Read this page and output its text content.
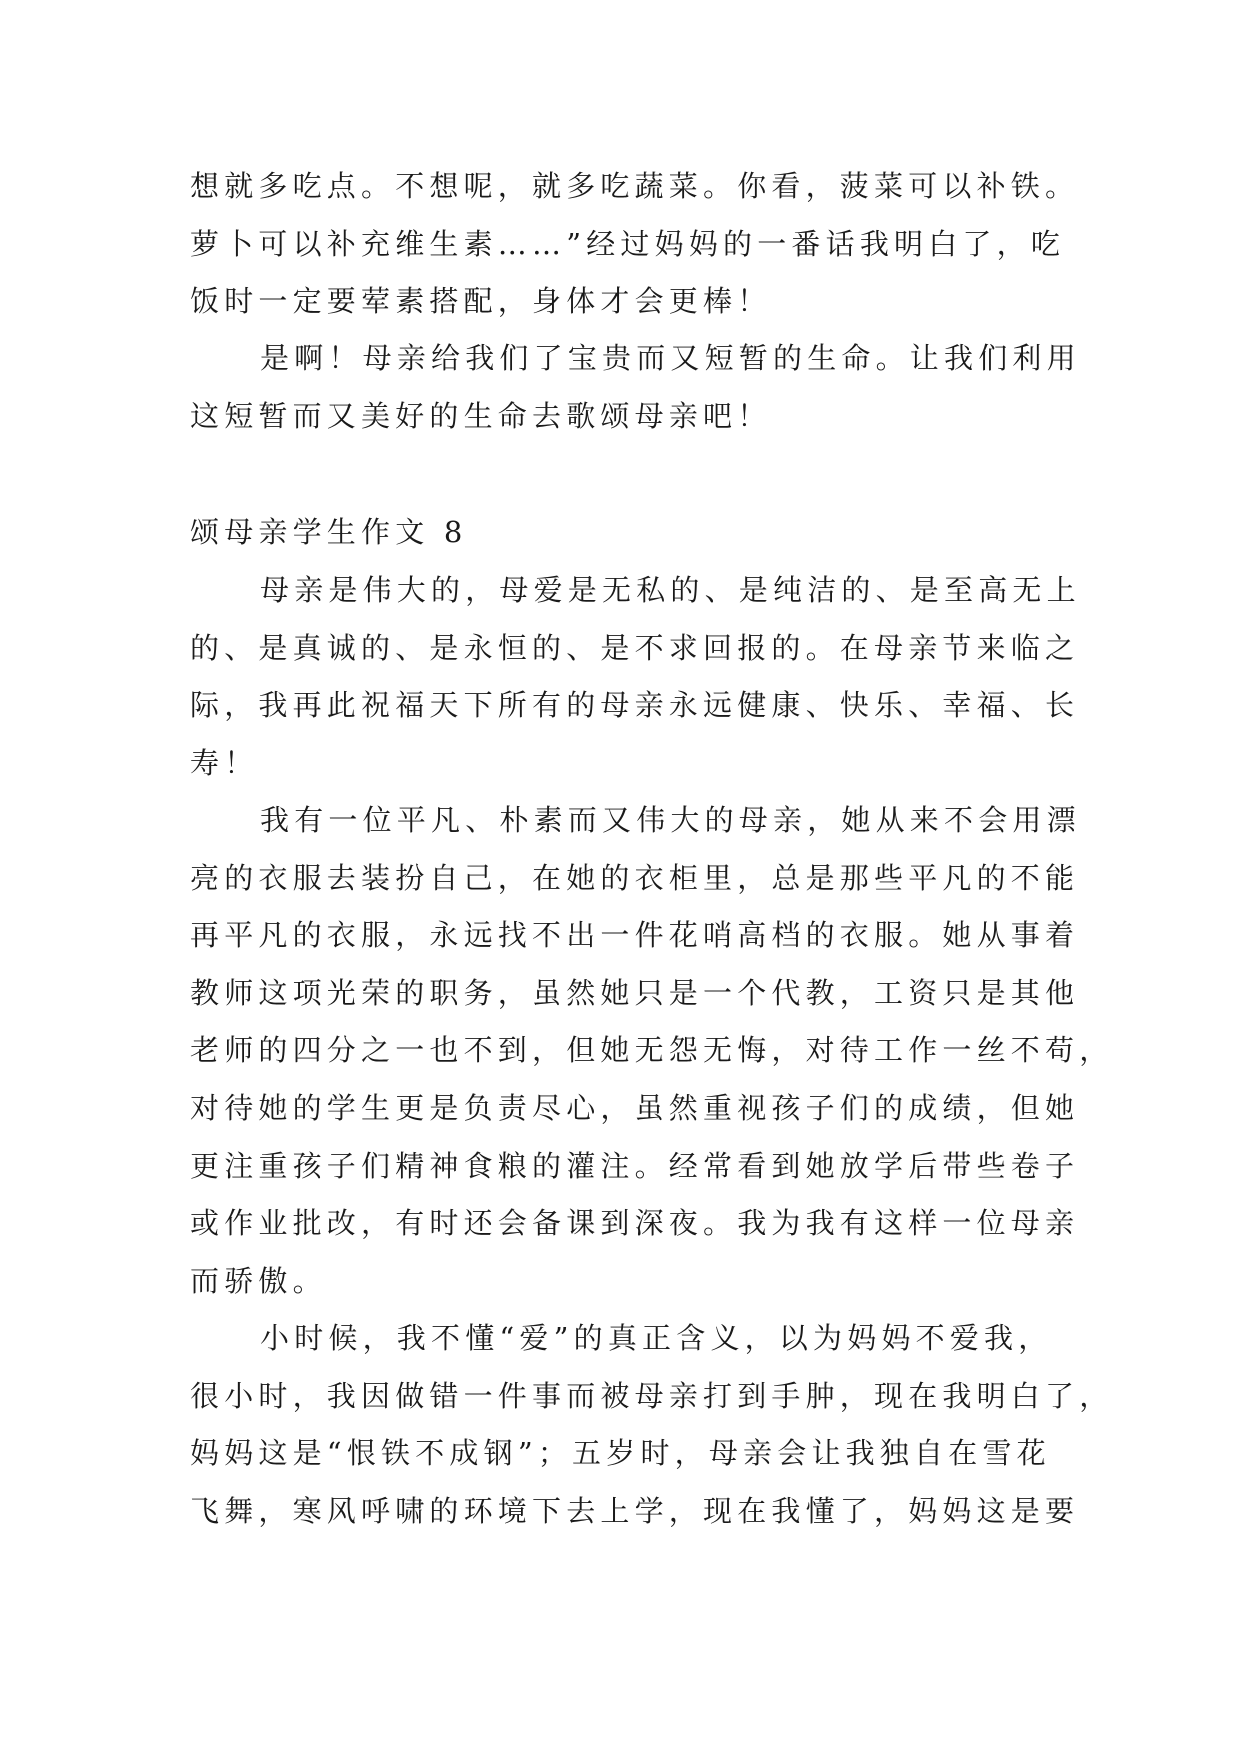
想就多吃点。不想呢，就多吃蔬菜。你看，菠菜可以补铁。
萝卜可以补充维生素……”经过妈妈的一番话我明白了，吃
饭时一定要荤素搭配，身体才会更棒！
是啊！母亲给我们了宝贵而又短暂的生命。让我们利用
这短暂而又美好的生命去歌颂母亲吧！
颂母亲学生作文 8
母亲是伟大的，母爱是无私的、是纯洁的、是至高无上
的、是真诚的、是永恒的、是不求回报的。在母亲节来临之
际，我再此祝福天下所有的母亲永远健康、快乐、幸福、长
寿！
我有一位平凡、朴素而又伟大的母亲，她从来不会用漂
亮的衣服去装扮自己，在她的衣柜里，总是那些平凡的不能
再平凡的衣服，永远找不出一件花哨高档的衣服。她从事着
教师这项光荣的职务，虽然她只是一个代教，工资只是其他
老师的四分之一也不到，但她无怨无悔，对待工作一丝不苟，
对待她的学生更是负责尽心，虽然重视孩子们的成绩，但她
更注重孩子们精神食粮的灌注。经常看到她放学后带些卷子
或作业批改，有时还会备课到深夜。我为我有这样一位母亲
而骄傲。
小时候，我不懂“爱”的真正含义，以为妈妈不爱我，
很小时，我因做错一件事而被母亲打到手肿，现在我明白了，
妈妈这是“恨铁不成钢”；五岁时，母亲会让我独自在雪花
飞舞，寒风呼啸的环境下去上学，现在我懂了，妈妈这是要
